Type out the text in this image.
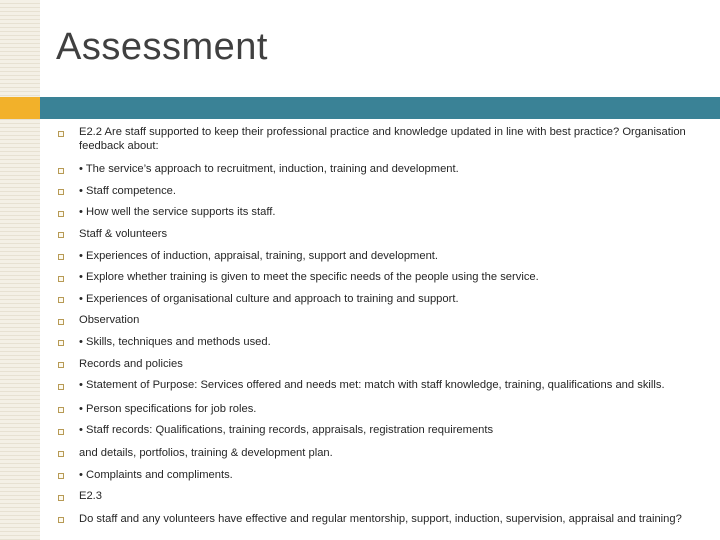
Assessment
E2.2 Are staff supported to keep their professional practice and knowledge updated in line with best practice? Organisation feedback about:
• The service’s approach to recruitment, induction, training and development.
• Staff competence.
• How well the service supports its staff.
Staff & volunteers
• Experiences of induction, appraisal, training, support and development.
• Explore whether training is given to meet the specific needs of the people using the service.
• Experiences of organisational culture and approach to training and support.
Observation
• Skills, techniques and methods used.
Records and policies
• Statement of Purpose: Services offered and needs met: match with staff knowledge, training, qualifications and skills.
• Person specifications for job roles.
• Staff records: Qualifications, training records, appraisals, registration requirements
and details, portfolios, training & development plan.
• Complaints and compliments.
E2.3
Do staff and any volunteers have effective and regular mentorship, support, induction, supervision, appraisal and training?
